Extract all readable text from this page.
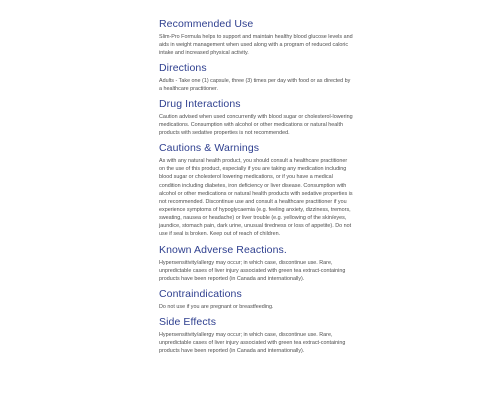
Recommended Use

Slim-Pro Formula helps to support and maintain healthy blood glucose levels and aids in weight management when used along with a program of reduced caloric intake and increased physical activity.

Directions

Adults - Take one (1) capsule, three (3) times per day with food or as directed by a healthcare practitioner.

Drug Interactions

Caution advised when used concurrently with blood sugar or cholesterol-lowering medications. Consumption with alcohol or other medications or natural health products with sedative properties is not recommended.

Cautions & Warnings

As with any natural health product, you should consult a healthcare practitioner on the use of this product, especially if you are taking any medication including blood sugar or cholesterol lowering medications, or if you have a medical condition including diabetes, iron deficiency or liver disease. Consumption with alcohol or other medications or natural health products with sedative properties is not recommended. Discontinue use and consult a healthcare practitioner if you experience symptoms of hypoglycaemia (e.g. feeling anxiety, dizziness, tremors, sweating, nausea or headache) or liver trouble (e.g. yellowing of the skin/eyes, jaundice, stomach pain, dark urine, unusual tiredness or loss of appetite). Do not use if seal is broken. Keep out of reach of children.

Known Adverse Reactions.

Hypersensitivity/allergy may occur; in which case, discontinue use. Rare, unpredictable cases of liver injury associated with green tea extract-containing products have been reported (in Canada and internationally).

Contraindications

Do not use if you are pregnant or breastfeeding.

Side Effects

Hypersensitivity/allergy may occur; in which case, discontinue use. Rare, unpredictable cases of liver injury associated with green tea extract-containing products have been reported (in Canada and internationally).
